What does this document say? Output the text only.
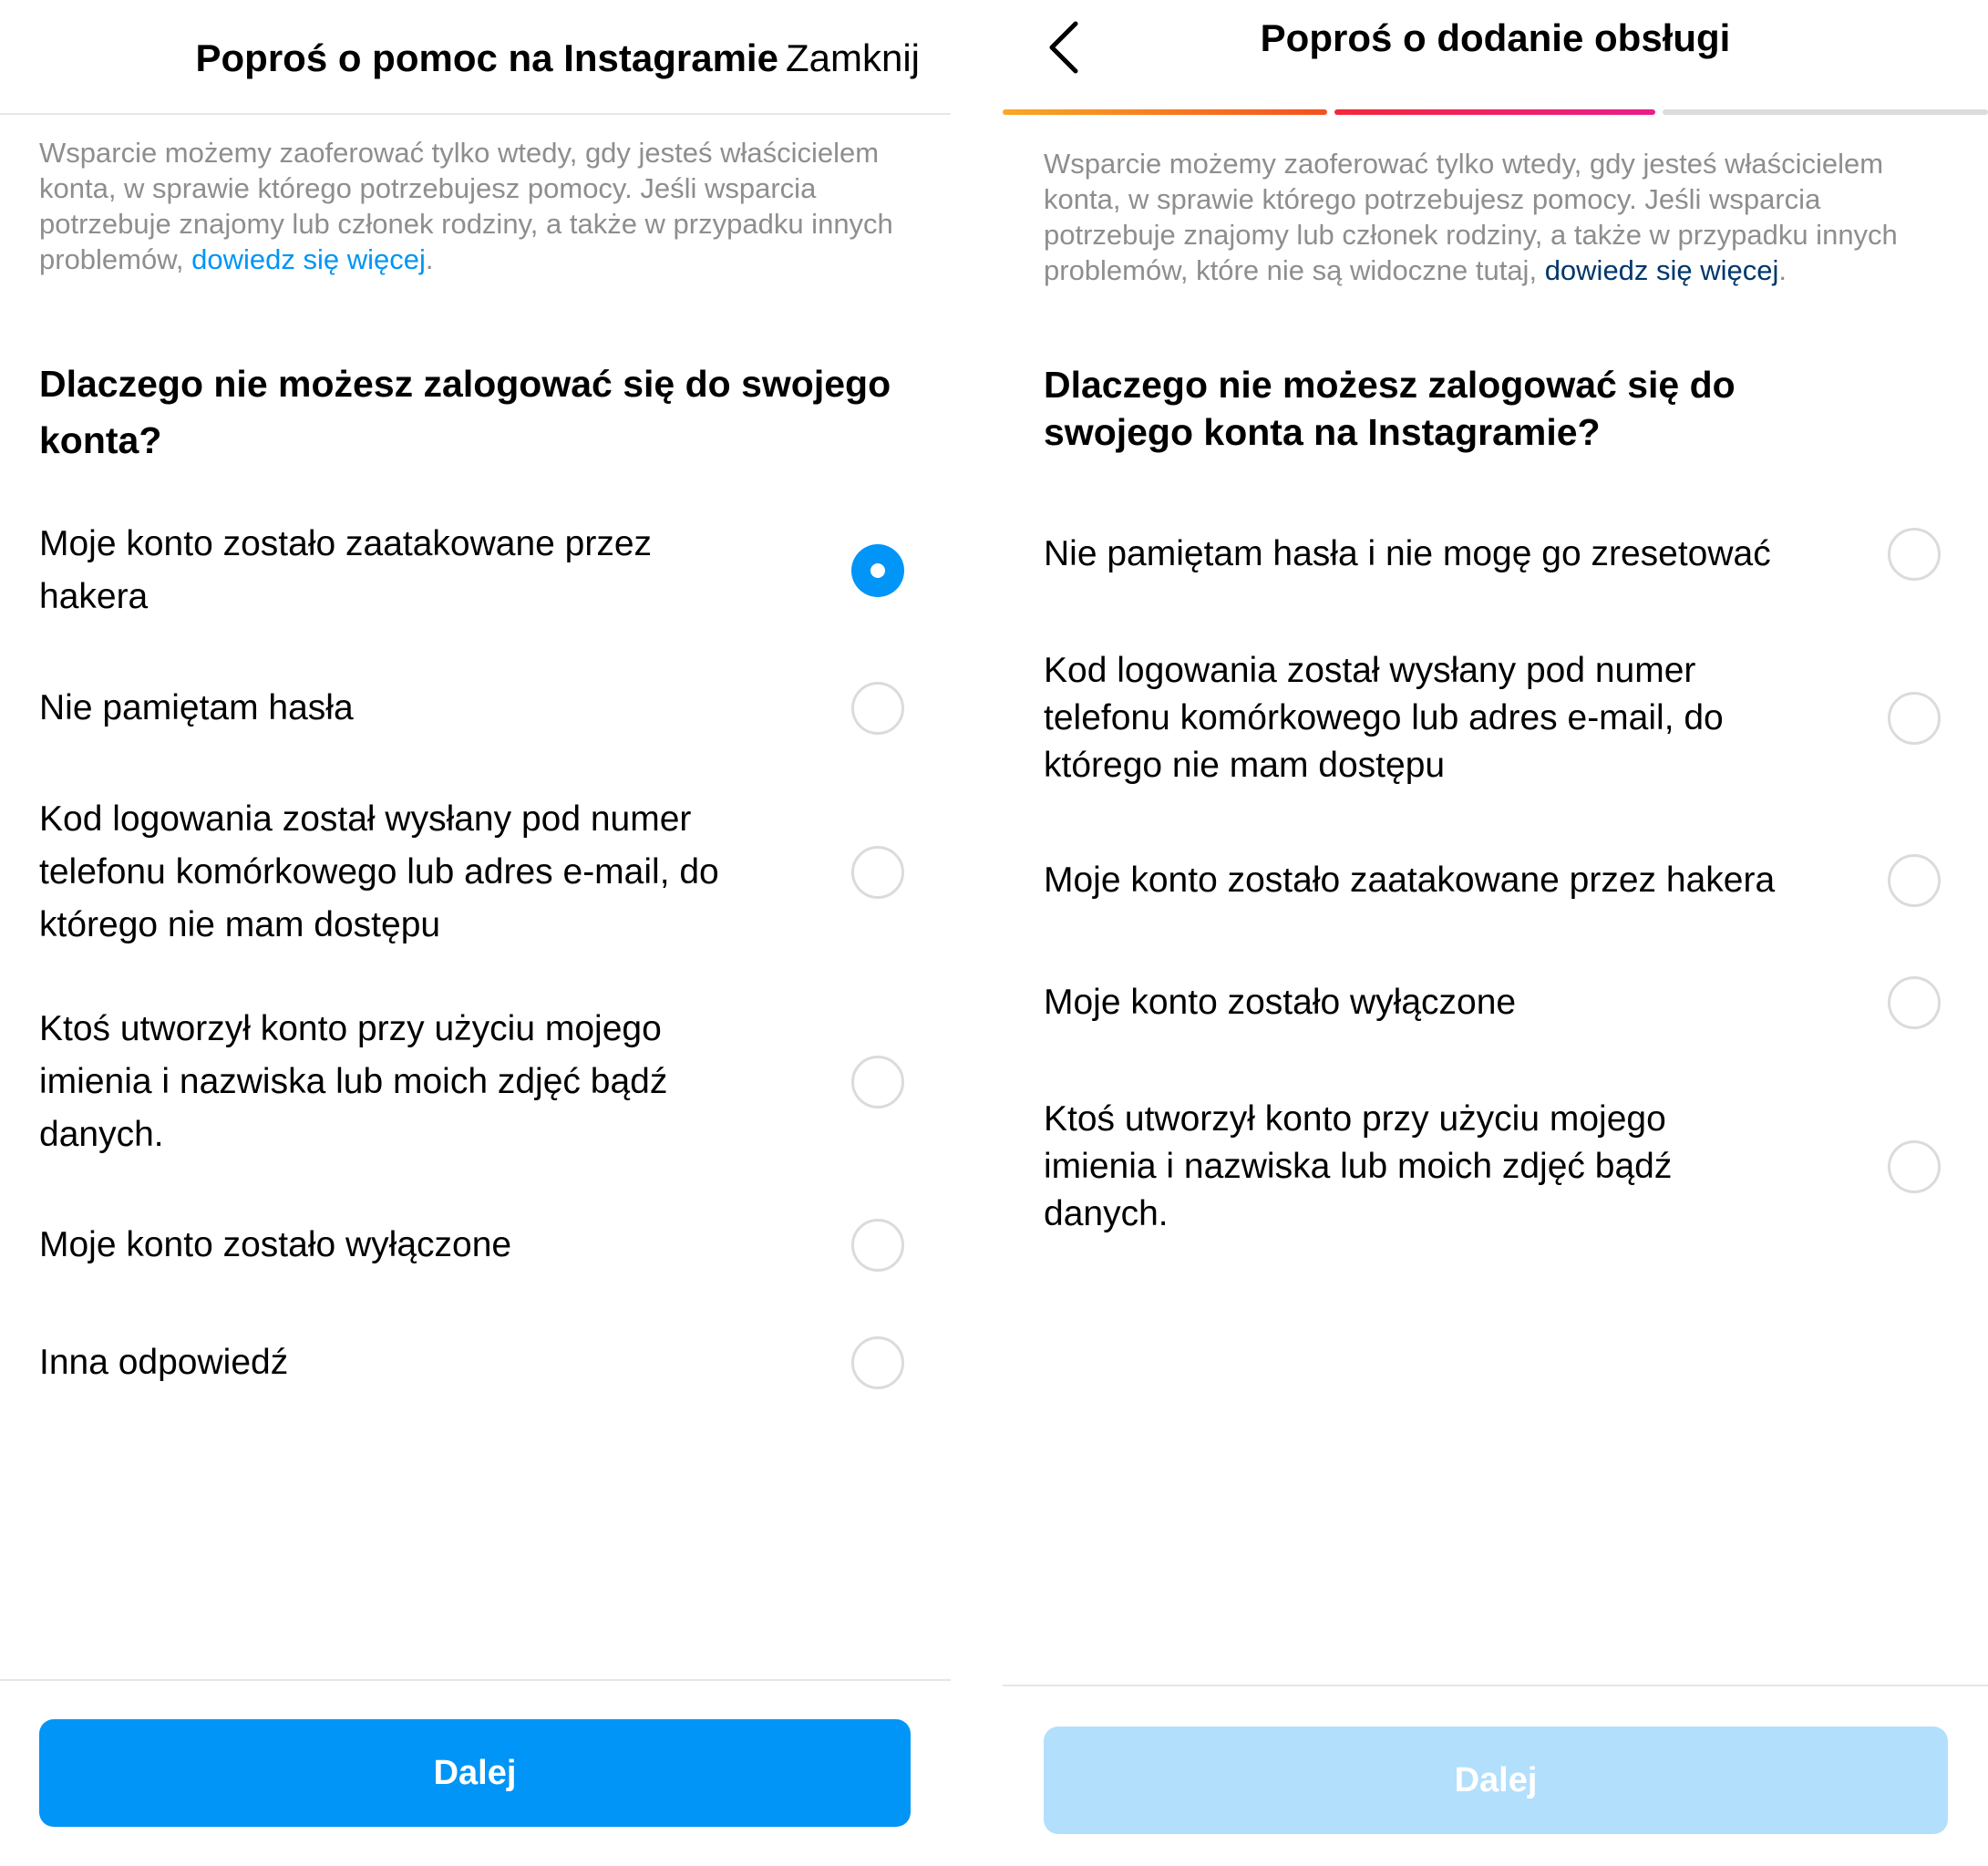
Poproś o pomoc na Instagramie Zamknij
Wsparcie możemy zaoferować tylko wtedy, gdy jesteś właścicielem konta, w sprawie którego potrzebujesz pomocy. Jeśli wsparcia potrzebuje znajomy lub członek rodziny, a także w przypadku innych problemów, dowiedz się więcej.
Dlaczego nie możesz zalogować się do swojego
konta?
Moje konto zostało zaatakowane przez
hakera
Nie pamiętam hasła
Kod logowania został wysłany pod numer
telefonu komórkowego lub adres e-mail, do
którego nie mam dostępu
Ktoś utworzył konto przy użyciu mojego
imienia i nazwiska lub moich zdjęć bądź
danych.
Moje konto zostało wyłączone
Inna odpowiedź
Dalej
Poproś o dodanie obsługi
Wsparcie możemy zaoferować tylko wtedy, gdy jesteś właścicielem konta, w sprawie którego potrzebujesz pomocy. Jeśli wsparcia potrzebuje znajomy lub członek rodziny, a także w przypadku innych problemów, które nie są widoczne tutaj, dowiedz się więcej.
Dlaczego nie możesz zalogować się do
swojego konta na Instagramie?
Nie pamiętam hasła i nie mogę go zresetować
Kod logowania został wysłany pod numer
telefonu komórkowego lub adres e-mail, do
którego nie mam dostępu
Moje konto zostało zaatakowane przez hakera
Moje konto zostało wyłączone
Ktoś utworzył konto przy użyciu mojego
imienia i nazwiska lub moich zdjęć bądź
danych.
Dalej
